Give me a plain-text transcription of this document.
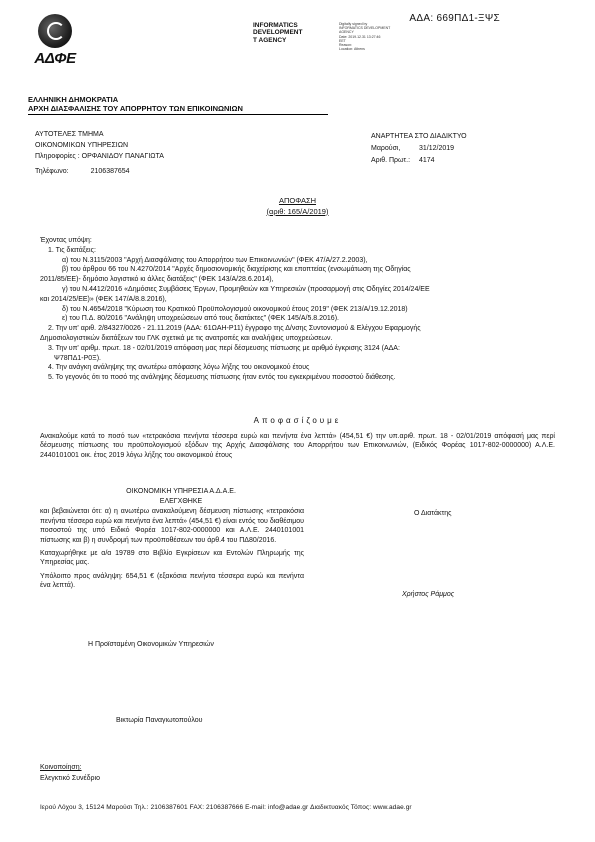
ΑΔΑ: 669ΠΔ1-ΞΨΣ
ΑΔΦΕ
INFORMATICS
DEVELOPMENT
T AGENCY
Digitally signed by
INFORMATICS DEVELOPMENT
AGENCY
Date: 2019.12.31 13:27:46
EET
Reason:
Location: Athens
ΕΛΛΗΝΙΚΗ ΔΗΜΟΚΡΑΤΙΑ
ΑΡΧΗ ΔΙΑΣΦΑΛΙΣΗΣ ΤΟΥ ΑΠΟΡΡΗΤΟΥ ΤΩΝ ΕΠΙΚΟΙΝΩΝΙΩΝ
ΑΥΤΟΤΕΛΕΣ ΤΜΗΜΑ
ΟΙΚΟΝΟΜΙΚΩΝ ΥΠΗΡΕΣΙΩΝ
Πληροφορίες : ΟΡΦΑΝΙΔΟΥ ΠΑΝΑΓΙΩΤΑ
Τηλέφωνο:	2106387654
ΑΝΑΡΤΗΤΕΑ ΣΤΟ ΔΙΑΔΙΚΤΥΟ
Μαρούσι,	31/12/2019
Αριθ. Πρωτ.: 4174
ΑΠΟΦΑΣΗ
(αριθ: 165/Α/2019)

Έχοντας υπόψη:

1. Τις διατάξεις:

α) του Ν.3115/2003 "Αρχή Διασφάλισης του Απορρήτου των Επικοινωνιών" (ΦΕΚ 47/Α/27.2.2003),

β) του άρθρου 66 του Ν.4270/2014 "Αρχές δημοσιονομικής διαχείρισης και εποπτείας (ενσωμάτωση της Οδηγίας

2011/85/ΕΕ)- δημόσιο λογιστικό κι άλλες διατάξεις" (ΦΕΚ 143/Α/28.6.2014),

γ) του Ν.4412/2016 «Δημόσιες Συμβάσεις Έργων, Προμηθειών και Υπηρεσιών (προσαρμογή στις Οδηγίες 2014/24/ΕΕ

και 2014/25/ΕΕ)» (ΦΕΚ 147/Α/8.8.2016),

δ) του Ν.4654/2018 "Κύρωση του Κρατικού Προϋπολογισμού οικονομικού έτους 2019" (ΦΕΚ 213/Α/19.12.2018)

ε) του Π.Δ. 80/2016 "Ανάληψη υποχρεώσεων από τους διατάκτες" (ΦΕΚ 145/Α/5.8.2016).

2. Την υπ' αριθ. 2/84327/0026 - 21.11.2019 (ΑΔΑ: 61ΩΑΗ-Ρ11) έγγραφο της Δ/νσης Συντονισμού & Ελέγχου Εφαρμογής

Δημοσιολογιστικών διατάξεων του ΓΛΚ σχετικά με τις ανατροπές και αναλήψεις υποχρεώσεων.

3. Την υπ' αριθμ. πρωτ. 18 - 02/01/2019 απόφαση μας περί δέσμευσης πίστωσης με αριθμό έγκρισης 3124 (ΑΔΑ:

Ψ78ΠΔ1-Ρ0Ξ).

4. Την ανάγκη ανάληψης της ανωτέρω απόφασης λόγω λήξης του οικονομικού έτους

5. Το γεγονός ότι το ποσό της ανάληψης δέσμευσης πίστωσης ήταν εντός του εγκεκριμένου ποσοστού διάθεσης.

Αποφασίζουμε
Ανακαλούμε κατά το ποσό των «τετρακόσια πενήντα τέσσερα ευρώ και πενήντα ένα λεπτά» (454,51 €) την υπ.αριθ. πρωτ. 18 - 02/01/2019 απόφασή μας περί δέσμευσης πίστωσης του προϋπολογισμού εξόδων της Αρχής Διασφάλισης του Απορρήτου των Επικοινωνιών, (Ειδικός Φορέας 1017-802-0000000) Α.Λ.Ε. 2440101001 οικ. έτος 2019 λόγω λήξης του οικονομικού έτους
ΟΙΚΟΝΟΜΙΚΗ ΥΠΗΡΕΣΙΑ Α.Δ.Α.Ε.
ΕΛΕΓΧΘΗΚΕ

και βεβαιώνεται ότι: α) η ανωτέρω ανακαλούμενη δέσμευση πίστωσης «τετρακόσια πενήντα τέσσερα ευρώ και πενήντα ένα λεπτά» (454,51 €) είναι εντός του διαθέσιμου ποσοστού της υπό Ειδικό Φορέα 1017-802-0000000 και Α.Λ.Ε. 2440101001 πίστωσης και β) η συνδρομή των προϋποθέσεων του άρθ.4 του ΠΔ80/2016.

Καταχωρήθηκε με α/α 19789 στο Βιβλίο Εγκρίσεων και Εντολών Πληρωμής της Υπηρεσίας μας.

Υπόλοιπο προς ανάληψη: 654,51 € (εξακόσια πενήντα τέσσερα ευρώ και πενήντα ένα λεπτά).

Ο Διατάκτης
Χρήστος Ράμμος
Η Προϊσταμένη Οικονομικών Υπηρεσιών
Βικτωρία Παναγιωτοπούλου
Κοινοποίηση:
Ελεγκτικό Συνέδριο
Ιερού Λόχου 3, 15124 Μαρούσι Τηλ.: 2106387601 FAX: 2106387666 E-mail: info@adae.gr Διαδικτυακός Τόπος: www.adae.gr
